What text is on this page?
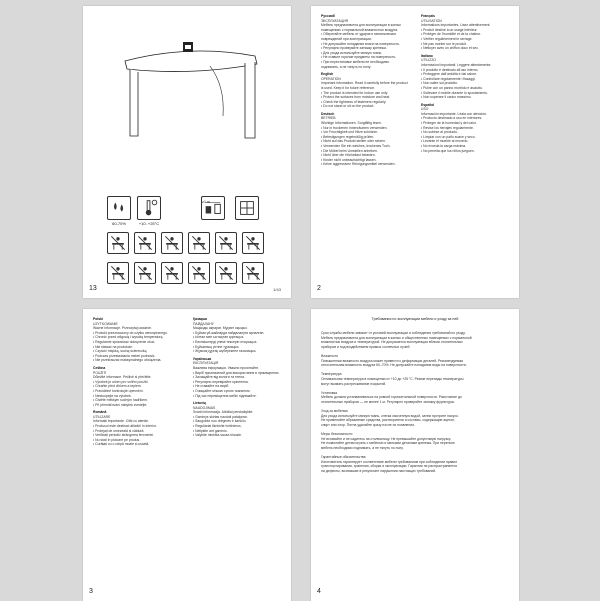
60-70%	+10..+25°C
≥1 m
13	1/43
Русский
ЭКСПЛУАТАЦИЯ
Мебель предназначена для эксплуатации в жилых
помещениях с нормальной влажностью воздуха.
• Оберегайте мебель от ударов и механических
повреждений при эксплуатации.
• Не допускайте попадания влаги на поверхность.
• Регулярно проверяйте затяжку крепежа.
• Для ухода используйте мягкую ткань.
• Не ставьте горячие предметы на поверхность.
• При перестановке мебели ее необходимо
поднимать, а не тянуть по полу.
English
OPERATION
Important information. Read it carefully before the product
is used. Keep it for future reference.
• The product is intended for indoor use only.
• Protect the surfaces from moisture and heat.
• Check the tightness of fasteners regularly.
• Do not stand or sit on the product.
Deutsch
BETRIEB
Wichtige Informationen. Sorgfältig lesen.
• Nur in trockenen Innenräumen verwenden.
• Vor Feuchtigkeit und Hitze schützen.
• Befestigungen regelmäßig prüfen.
• Nicht auf das Produkt stellen oder setzen.
• Verwenden Sie ein weiches, trockenes Tuch.
• Die Möbel beim Umstellen anheben.
• Nicht über die Höchstlast belasten.
• Kinder nicht unbeaufsichtigt lassen.
• Keine aggressiven Reinigungsmittel verwenden.
Français
UTILISATION
Informations importantes. Lisez attentivement.
• Produit destiné à un usage intérieur.
• Protéger de l'humidité et de la chaleur.
• Vérifier régulièrement le serrage.
• Ne pas monter sur le produit.
• Nettoyer avec un chiffon doux et sec.
Italiano
UTILIZZO
Informazioni importanti. Leggere attentamente.
• Il prodotto è destinato all'uso interno.
• Proteggere dall'umidità e dal calore.
• Controllare regolarmente i fissaggi.
• Non salire sul prodotto.
• Pulire con un panno morbido e asciutto.
• Sollevare il mobile durante lo spostamento.
• Non superare il carico massimo.
Español
USO
Información importante. Léala con atención.
• Producto destinado a uso en interiores.
• Proteger de la humedad y del calor.
• Revise los herrajes regularmente.
• No subirse al producto.
• Limpiar con un paño suave y seco.
• Levante el mueble al moverlo.
• No exceda la carga máxima.
• No permita que los niños jueguen.
2
Polski
UŻYTKOWANIE
Ważne informacje. Przeczytaj uważnie.
• Produkt przeznaczony do użytku wewnętrznego.
• Chronić przed wilgocią i wysoką temperaturą.
• Regularnie sprawdzać dokręcenie okuć.
• Nie stawać na produkcie.
• Czyścić miękką, suchą ściereczką.
• Podczas przestawiania mebel podnosić.
• Nie przekraczać maksymalnego obciążenia.
Čeština
POUŽITÍ
Důležité informace. Pečlivě si přečtěte.
• Výrobek je určen pro vnitřní použití.
• Chraňte před vlhkem a teplem.
• Pravidelně kontrolujte upevnění.
• Nestoupejte na výrobek.
• Čistěte měkkým suchým hadříkem.
• Při přemisťování nábytek zvedejte.
Română
UTILIZARE
Informații importante. Citiți cu atenție.
• Produsul este destinat utilizării în interior.
• Protejați de umezeală și căldură.
• Verificați periodic strângerea feroneriei.
• Nu stați în picioare pe produs.
• Curățați cu o cârpă moale și uscată.
Қазақша
ПАЙДАЛАНУ
Маңызды ақпарат. Мұқият оқыңыз.
• Бұйым үй-жайларда пайдалануға арналған.
• Ылғал мен ыстықтан қорғаңыз.
• Бекіткіштерді үнемі тексеріп отырыңыз.
• Бұйымның үстіне тұрмаңыз.
• Жұмсақ құрғақ шүберекпен тазалаңыз.
Українська
ЕКСПЛУАТАЦІЯ
Важлива інформація. Уважно прочитайте.
• Виріб призначений для використання в приміщеннях.
• Захищайте від вологи та тепла.
• Регулярно перевіряйте кріплення.
• Не ставайте на виріб.
• Очищайте м'якою сухою тканиною.
• Під час переміщення меблі піднімайте.
Lietuvių
NAUDOJIMAS
Svarbi informacija. Atidžiai perskaitykite.
• Gaminys skirtas naudoti patalpose.
• Saugokite nuo drėgmės ir karščio.
• Reguliariai tikrinkite tvirtinimus.
• Nelipkite ant gaminio.
• Valykite minkšta sausa šluoste.
3
Требования по эксплуатации мебели и уходу за ней
Срок службы мебели зависит от условий эксплуатации и соблюдения требований по уходу.
Мебель предназначена для эксплуатации в жилых и общественных помещениях с нормальной
влажностью воздуха и температурой. Не допускается эксплуатация вблизи отопительных
приборов и под воздействием прямых солнечных лучей.

Влажность
Повышенная влажность воздуха может привести к деформации деталей. Рекомендуемая
относительная влажность воздуха 60–70%. Не допускайте попадания воды на поверхности.

Температура
Оптимальная температура в помещении от +10 до +25 °C. Резкие перепады температуры
могут вызвать растрескивание покрытий.

Установка
Мебель должна устанавливаться на ровной горизонтальной поверхности. Расстояние до
отопительных приборов — не менее 1 м. Регулярно проверяйте затяжку фурнитуры.

Уход за мебелью
Для ухода используйте мягкую ткань, слегка смоченную водой, затем протрите насухо.
Не применяйте абразивные средства, растворители и составы, содержащие ацетон,
спирт или хлор. Пятна удаляйте сразу после их появления.

Меры безопасности
Не вставайте и не садитесь на столешницу. Не превышайте допустимую нагрузку.
Не позволяйте детям играть с мебелью и мелкими деталями крепежа. При переносе
мебель необходимо поднимать, а не тянуть по полу.

Гарантийные обязательства
Изготовитель гарантирует соответствие мебели требованиям при соблюдении правил
транспортирования, хранения, сборки и эксплуатации. Гарантия не распространяется
на дефекты, возникшие в результате нарушения настоящих требований.
4
